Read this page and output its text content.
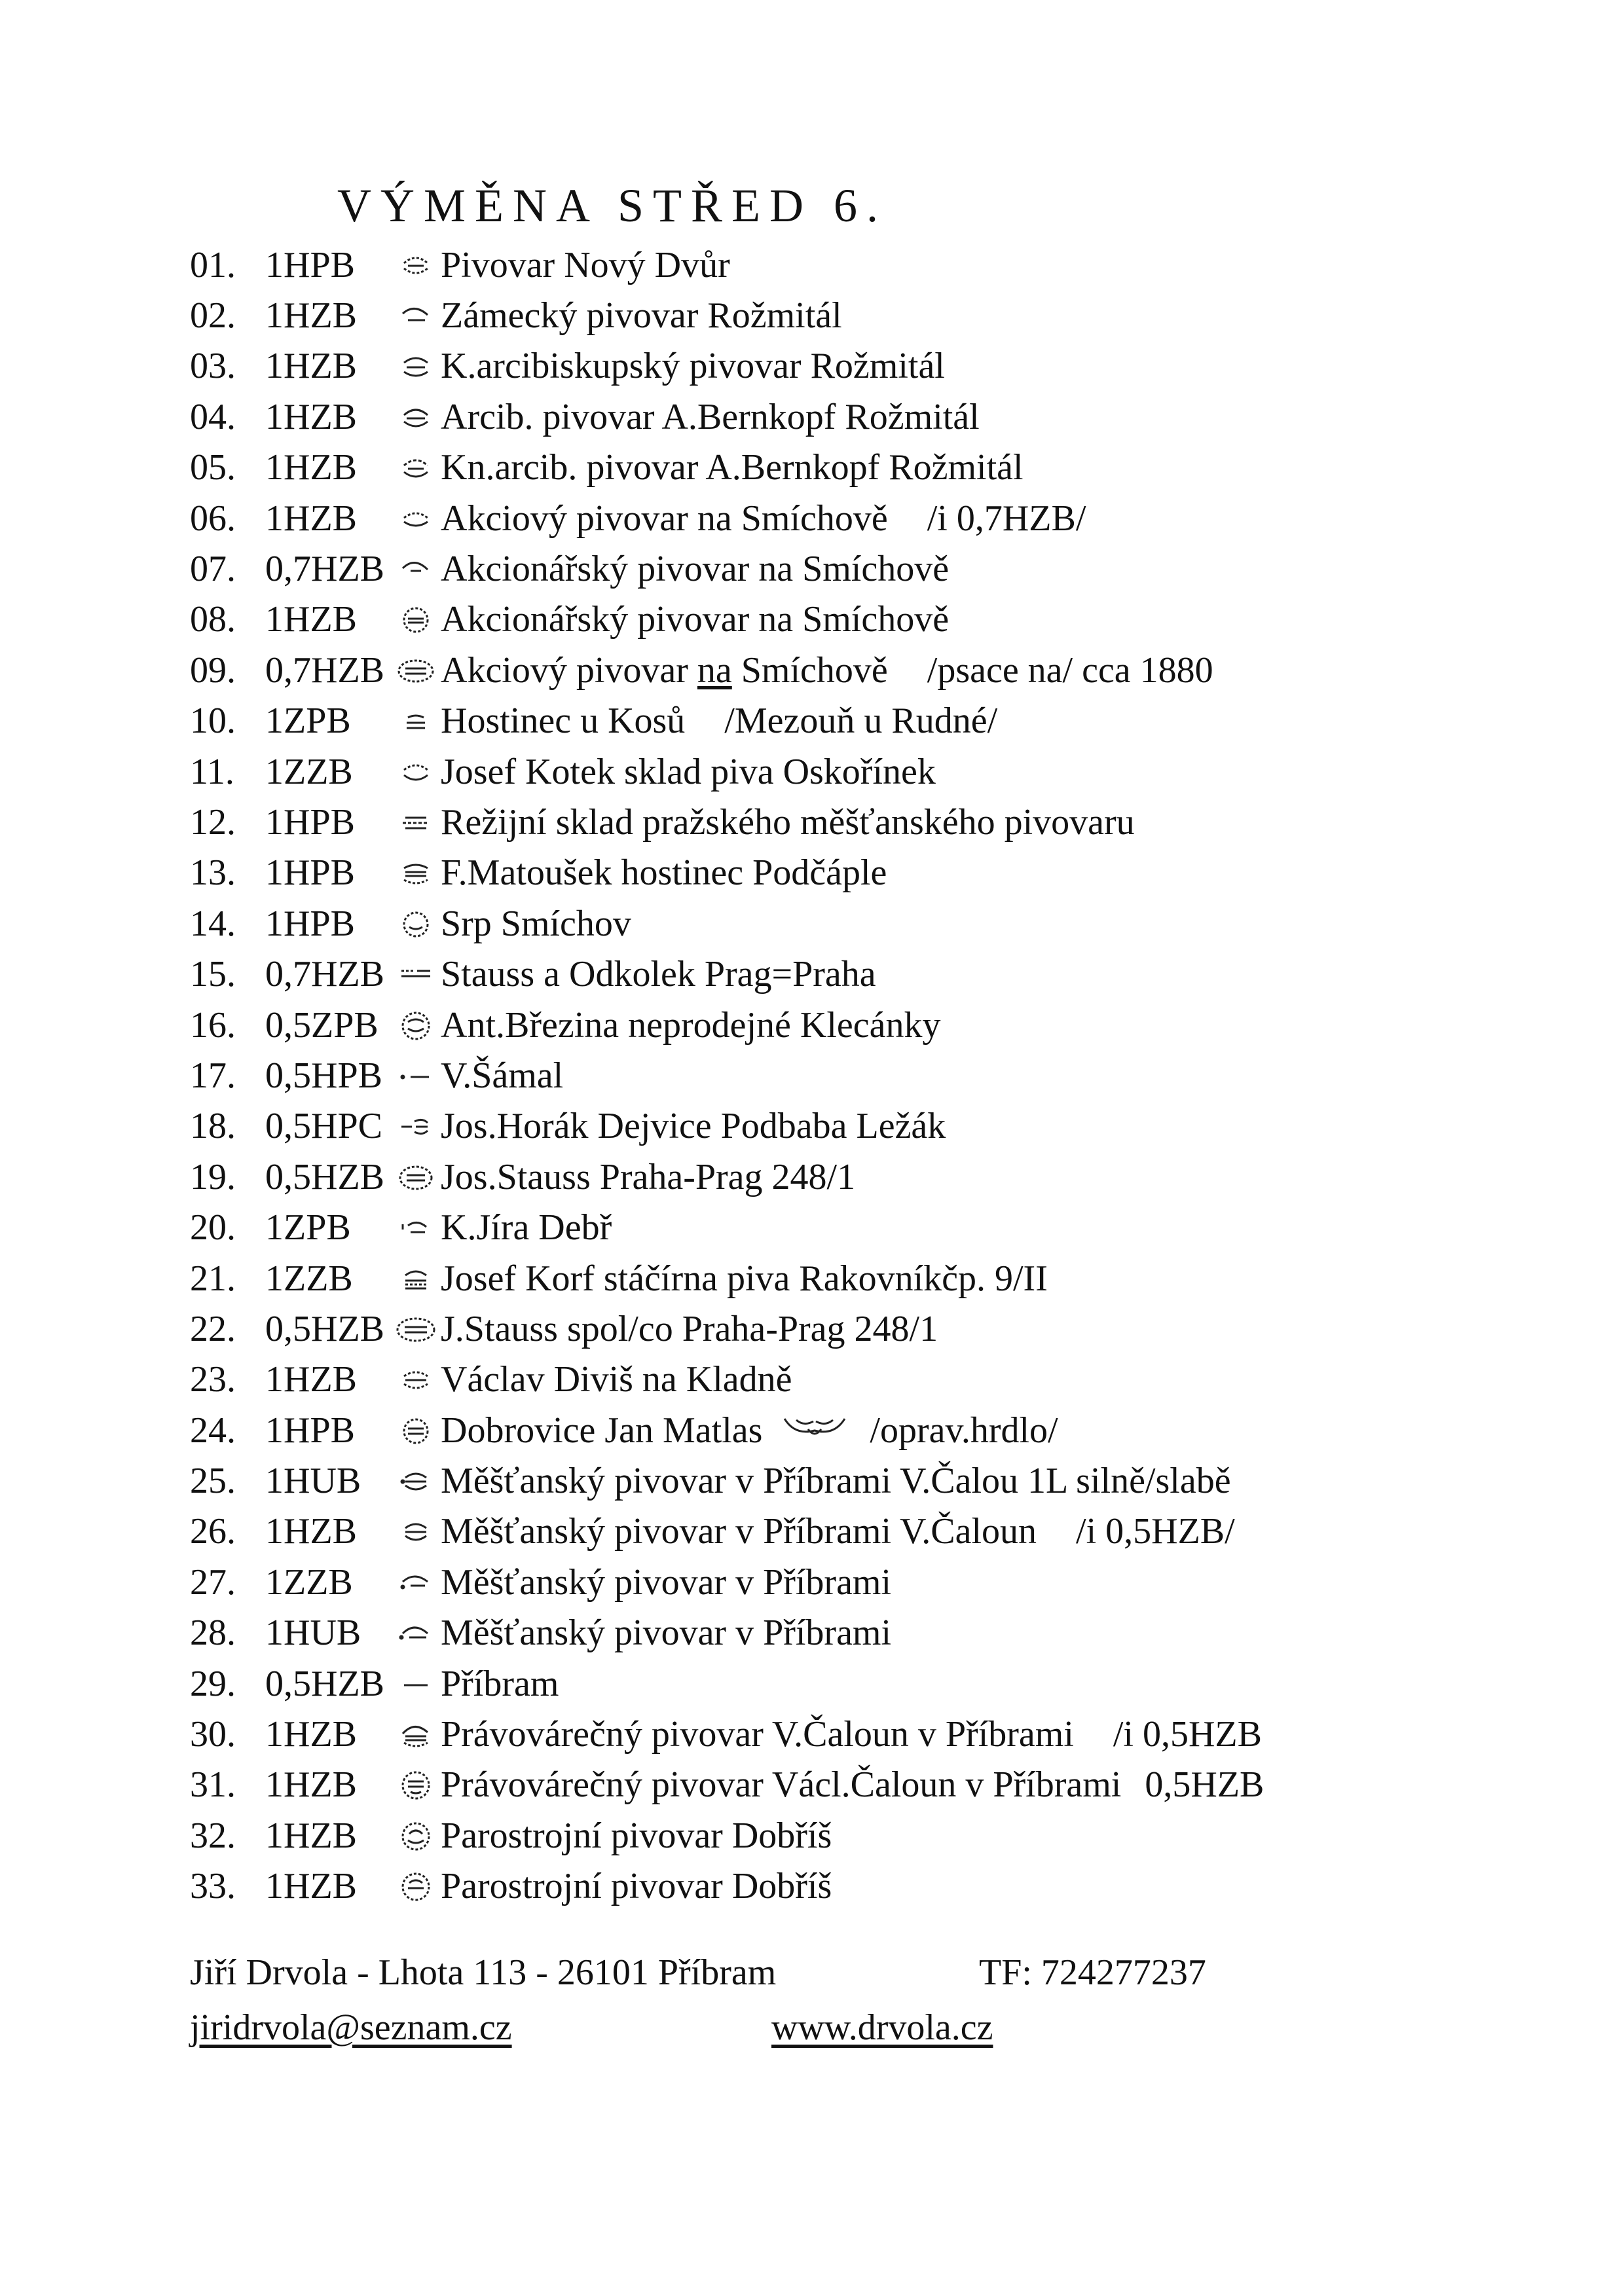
VÝMĚNA STŘED 6.
01. 1HPB	Pivovar Nový Dvůr
02. 1HZB	Zámecký pivovar Rožmitál
03. 1HZB	K.arcibiskupský pivovar Rožmitál
04. 1HZB	Arcib. pivovar A.Bernkopf Rožmitál
05. 1HZB	Kn.arcib. pivovar A.Bernkopf Rožmitál
06. 1HZB	Akciový pivovar na Smíchově /i 0,7HZB/
07. 0,7HZB Akcionářský pivovar na Smíchově
08. 1HZB	Akcionářský pivovar na Smíchově
09. 0,7HZB Akciový pivovar na Smíchově /psace na/ cca 1880
10. 1ZPB	Hostinec u Kosů /Mezouň u Rudné/
11. 1ZZB	Josef Kotek sklad piva Oskořínek
12. 1HPB	Režijní sklad pražského měšťanského pivovaru
13. 1HPB	F.Matoušek hostinec Podčáple
14. 1HPB	Srp Smíchov
15. 0,7HZB Stauss a Odkolek Prag=Praha
16. 0,5ZPB	Ant.Březina neprodejné Klecánky
17. 0,5HPB V.Šámal
18. 0,5HPC Jos.Horák Dejvice Podbaba Ležák
19. 0,5HZB Jos.Stauss Praha-Prag 248/1
20. 1ZPB	K.Jíra Debř
21. 1ZZB	Josef Korf stáčírna piva Rakovníkčp. 9/II
22. 0,5HZB J.Stauss spol/co Praha-Prag 248/1
23. 1HZB	Václav Diviš na Kladně
24. 1HPB	Dobrovice Jan Matlas	/oprav.hrdlo/
25. 1HUB	Měšťanský pivovar v Příbrami V.Čalou 1L silně/slabě
26. 1HZB	Měšťanský pivovar v Příbrami V.Čaloun /i 0,5HZB/
27. 1ZZB	Měšťanský pivovar v Příbrami
28. 1HUB	Měšťanský pivovar v Příbrami
29. 0,5HZB Příbram
30. 1HZB	Právovárečný pivovar V.Čaloun v Příbrami /i 0,5HZB
31. 1HZB	Právovárečný pivovar Václ.Čaloun v Příbrami 0,5HZB
32. 1HZB	Parostrojní pivovar Dobříš
33. 1HZB	Parostrojní pivovar Dobříš
Jiří Drvola - Lhota 113 - 26101 Příbram	TF: 724277237
jiridrvola@seznam.cz	www.drvola.cz
